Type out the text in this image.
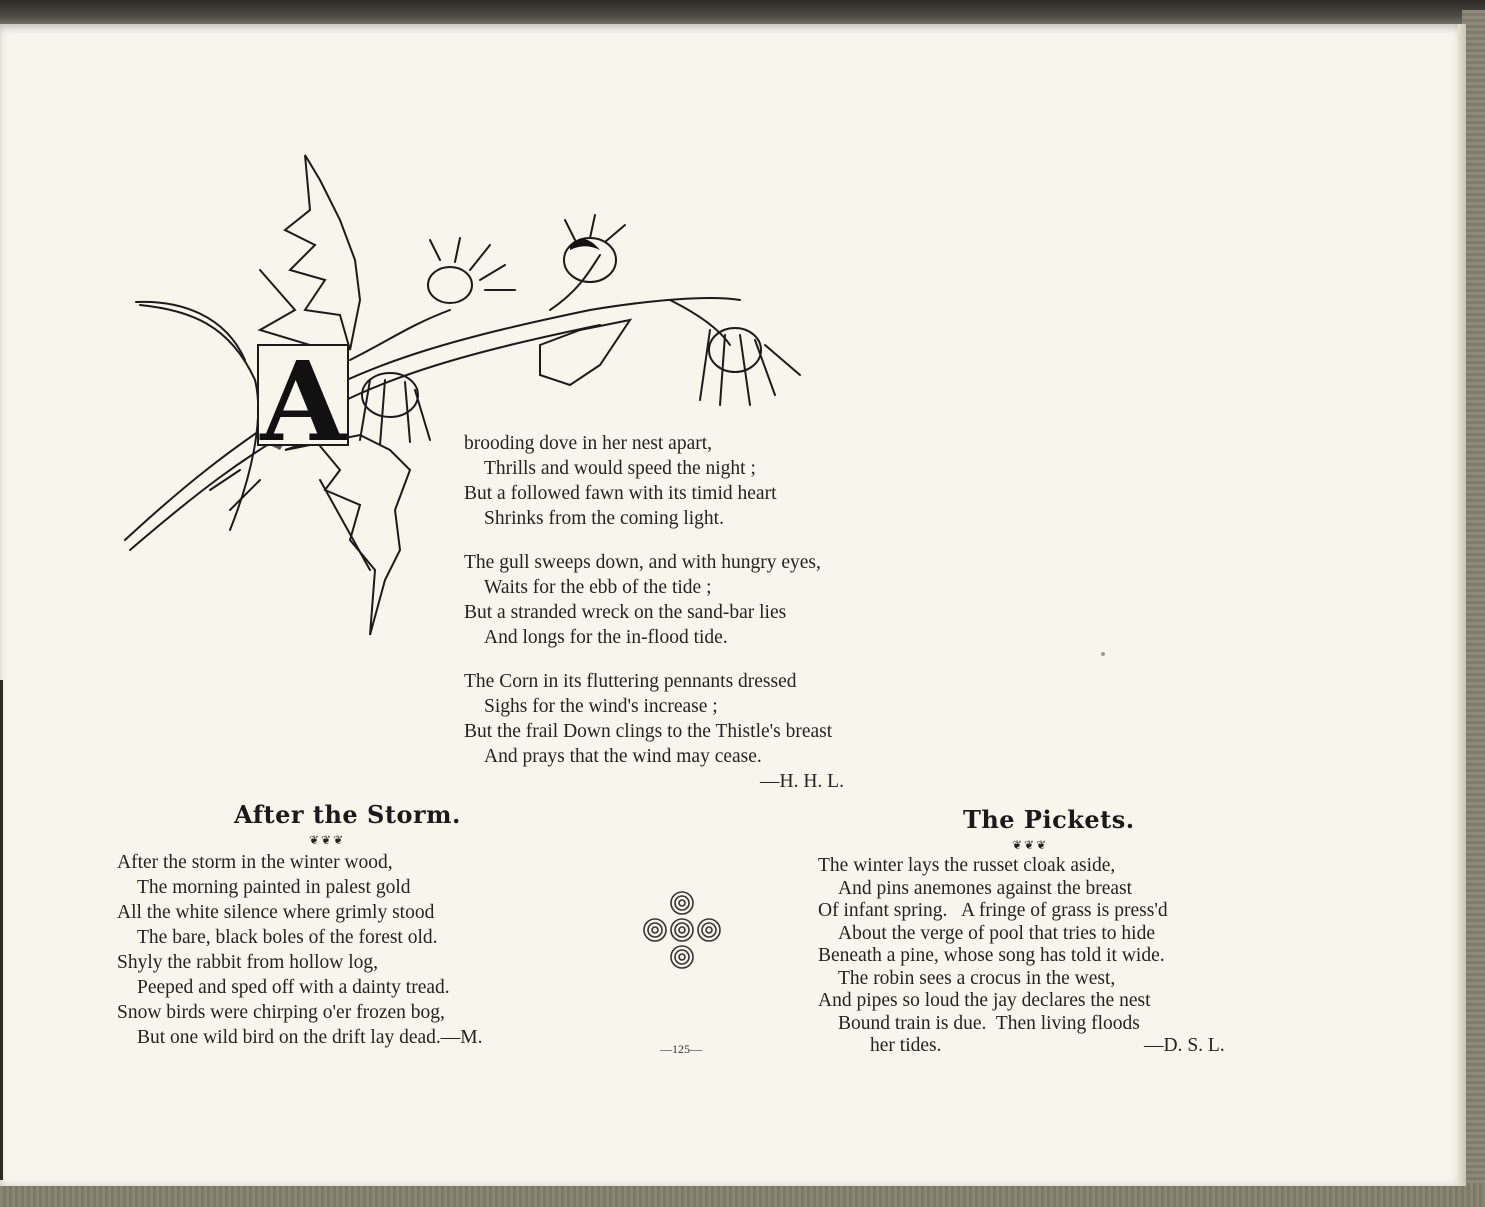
A	brooding dove in her nest apart,
Thrills and would speed the night ;
But a followed fawn with its timid heart
Shrinks from the coming light.
The gull sweeps down, and with hungry eyes,
Waits for the ebb of the tide ;
But a stranded wreck on the sand-bar lies
And longs for the in-flood tide.
The Corn in its fluttering pennants dressed
Sighs for the wind's increase ;
But the frail Down clings to the Thistle's breast
And prays that the wind may cease.
—H. H. L.
After the Storm.
❦❦❦
After the storm in the winter wood,
The morning painted in palest gold
All the white silence where grimly stood
The bare, black boles of the forest old.
Shyly the rabbit from hollow log,
Peeped and sped off with a dainty tread.
Snow birds were chirping o'er frozen bog,
But one wild bird on the drift lay dead.—M.
—125—
The Pickets.
❦❦❦
The winter lays the russet cloak aside,
And pins anemones against the breast
Of infant spring.   A fringe of grass is press'd
About the verge of pool that tries to hide
Beneath a pine, whose song has told it wide.
The robin sees a crocus in the west,
And pipes so loud the jay declares the nest
Bound train is due.  Then living floods
her tides.	—D. S. L.
